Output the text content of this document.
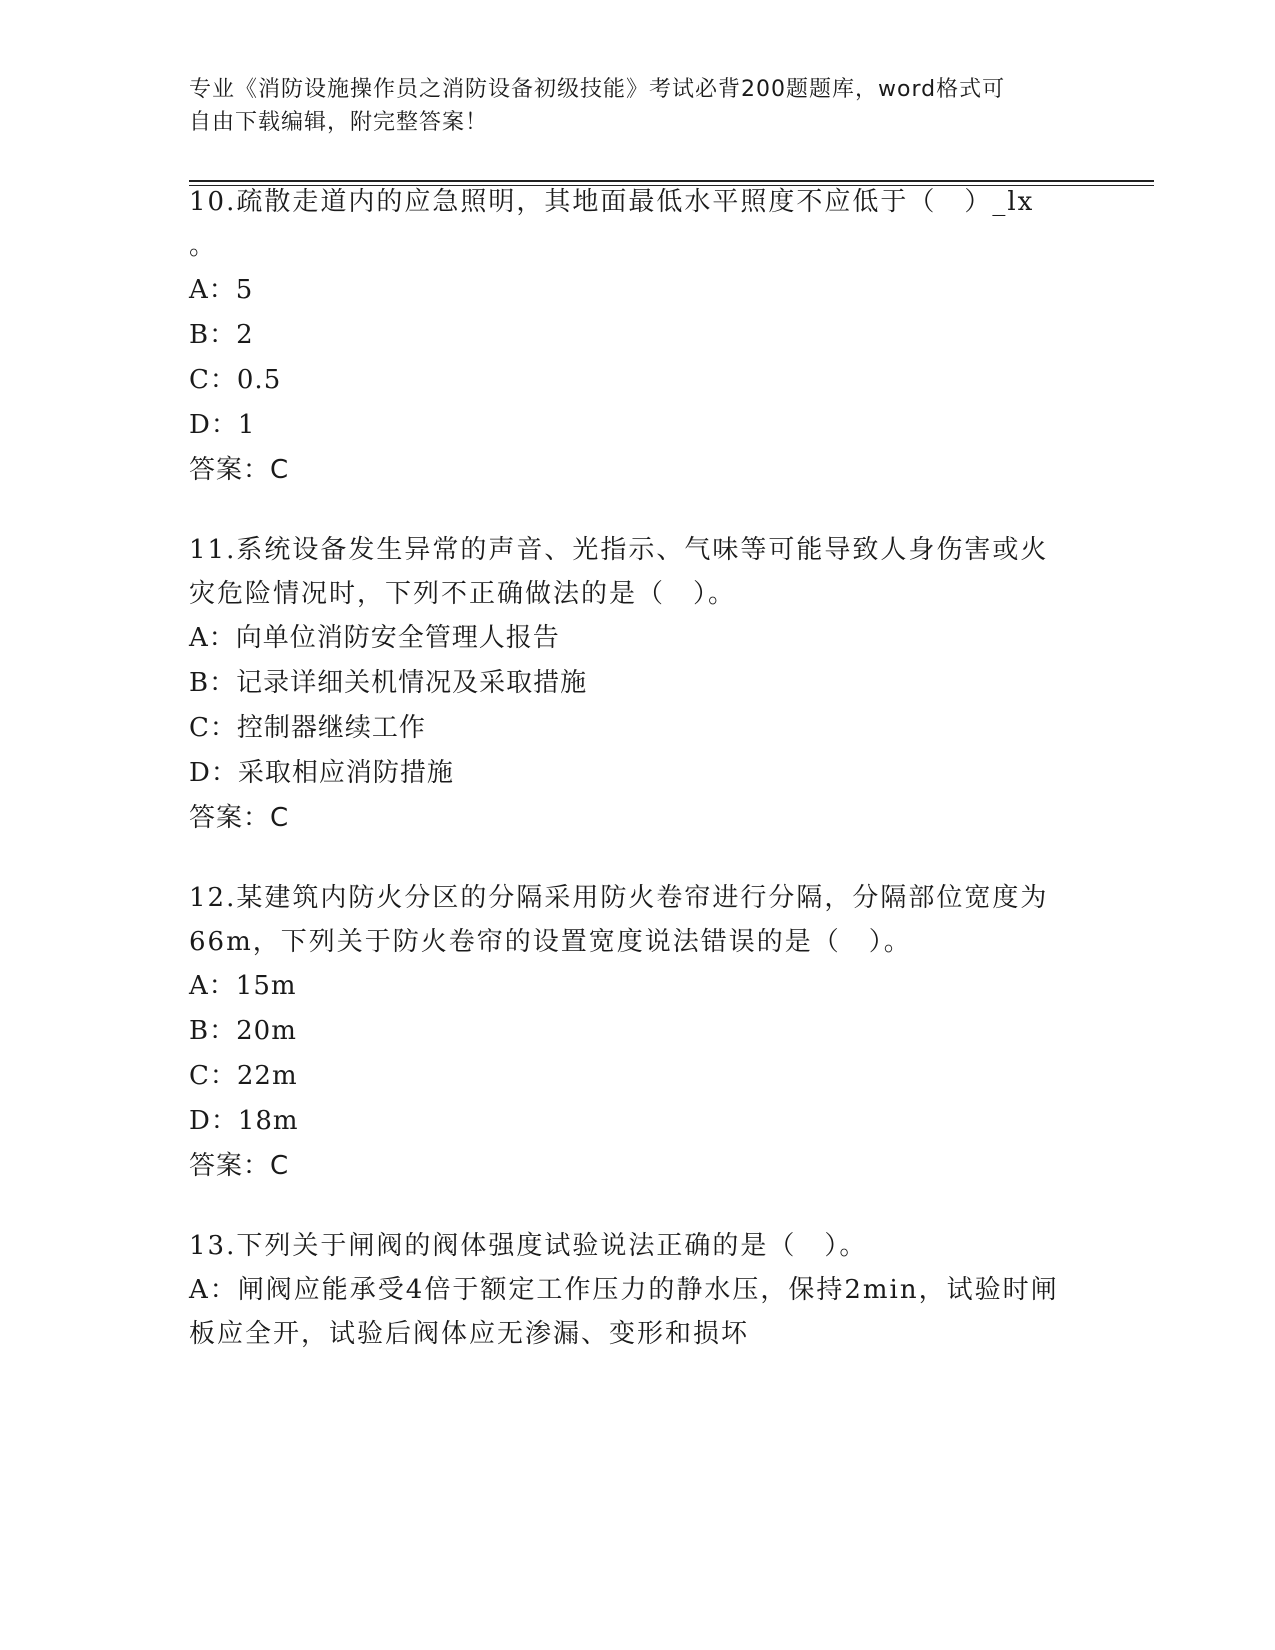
专业《消防设施操作员之消防设备初级技能》考试必背200题题库，word格式可
自由下载编辑，附完整答案！

10.疏散走道内的应急照明，其地面最低水平照度不应低于（　）_lx

。

A：5

B：2

C：0.5

D：1

答案：C

11.系统设备发生异常的声音、光指示、气味等可能导致人身伤害或火

灾危险情况时，下列不正确做法的是（　）。

A：向单位消防安全管理人报告

B：记录详细关机情况及采取措施

C：控制器继续工作

D：采取相应消防措施

答案：C

12.某建筑内防火分区的分隔采用防火卷帘进行分隔，分隔部位宽度为

66m，下列关于防火卷帘的设置宽度说法错误的是（　）。

A：15m

B：20m

C：22m

D：18m

答案：C

13.下列关于闸阀的阀体强度试验说法正确的是（　）。

A：闸阀应能承受4倍于额定工作压力的静水压，保持2min，试验时闸

板应全开，试验后阀体应无渗漏、变形和损坏
